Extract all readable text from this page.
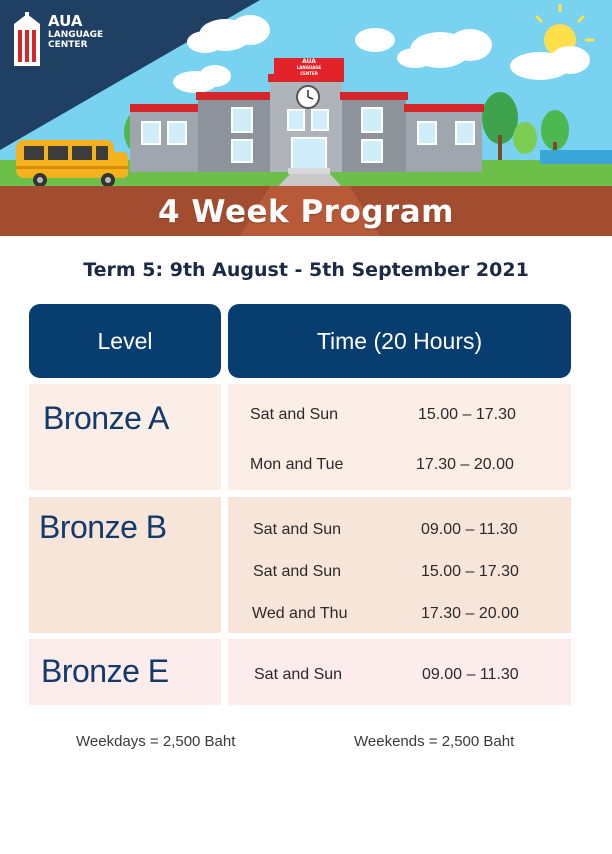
AUA
LANGUAGE
CENTER
AUA
LANGUAGE
CENTER
4 Week Program
Term 5: 9th August - 5th September 2021
Level	Time (20 Hours)
Bronze A	Sat and Sun	15.00 – 17.30
Mon and Tue	17.30 – 20.00
Bronze B	Sat and Sun	09.00 – 11.30
Sat and Sun	15.00 – 17.30
Wed and Thu	17.30 – 20.00
Bronze E	Sat and Sun	09.00 – 11.30
Weekdays = 2,500 Baht	Weekends = 2,500 Baht
